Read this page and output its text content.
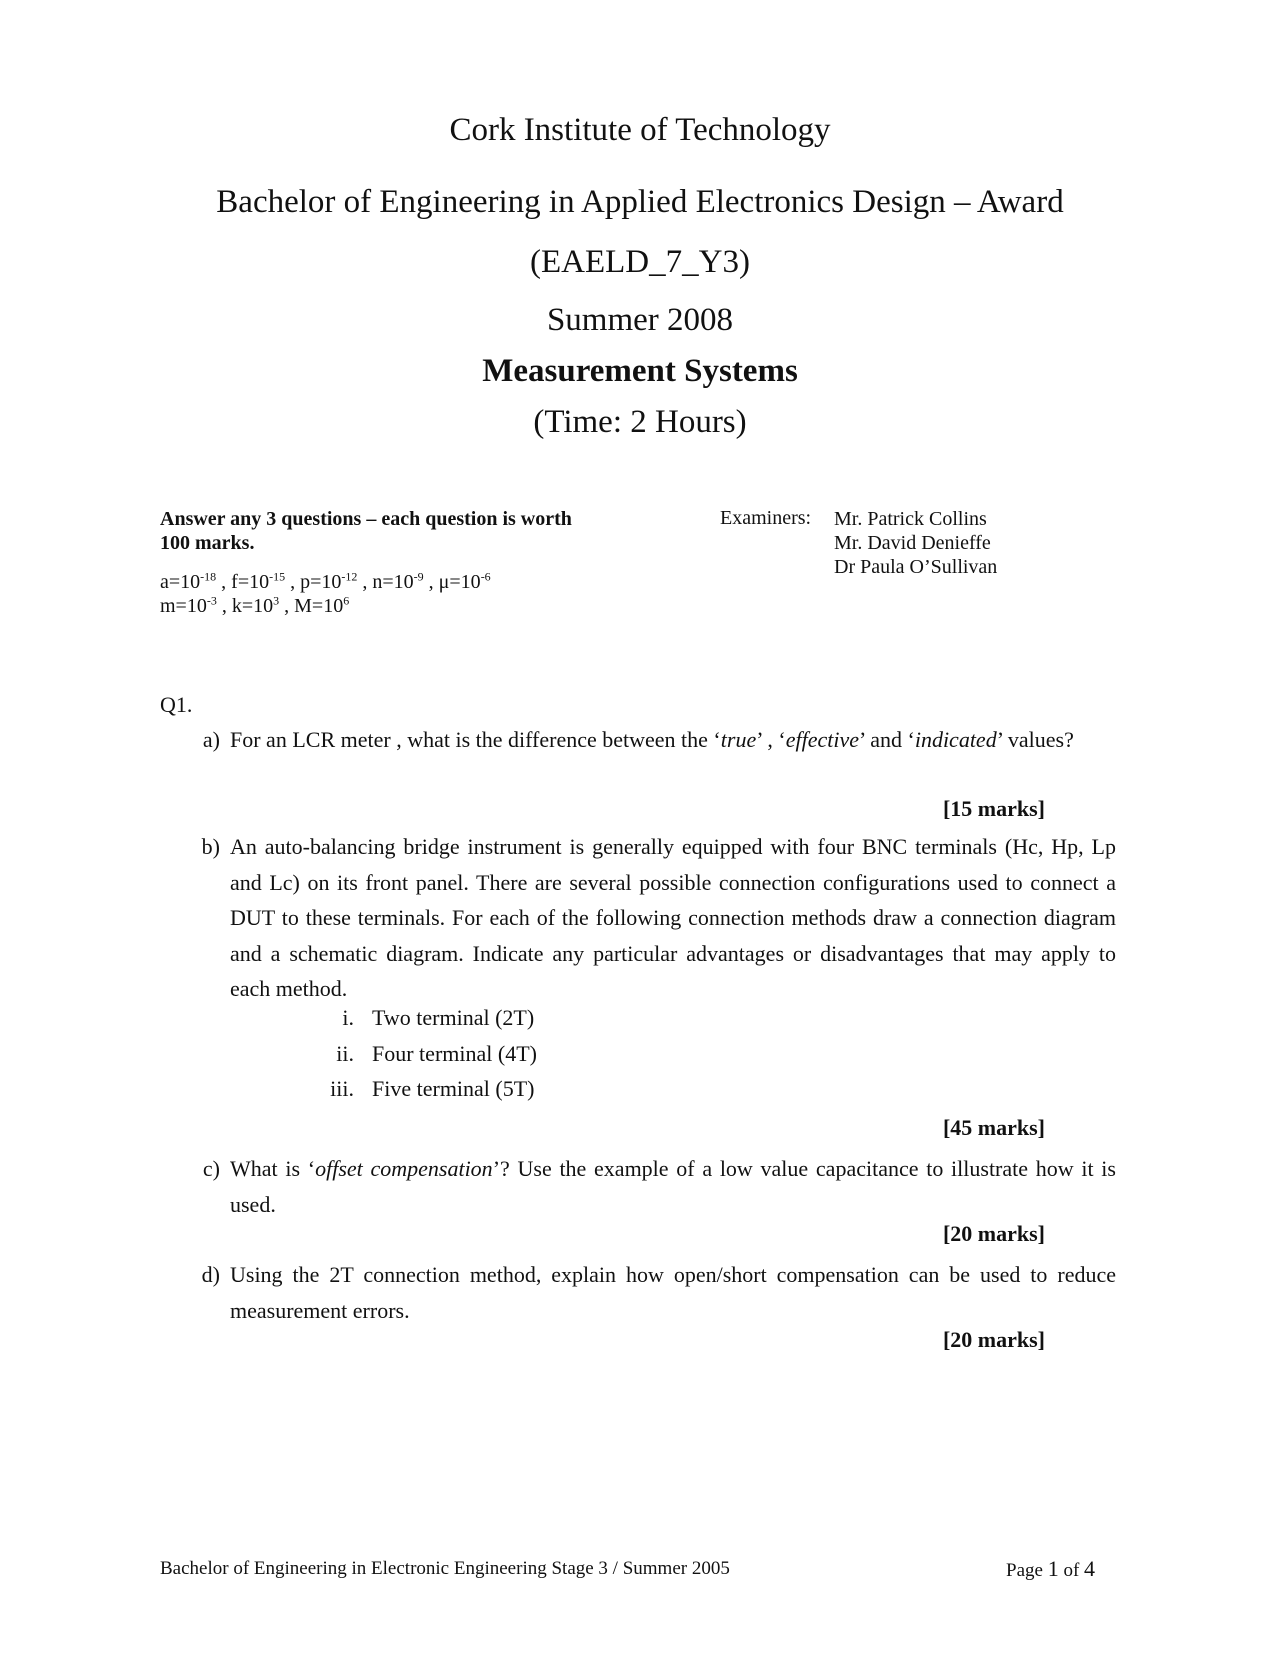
Cork Institute of Technology
Bachelor of Engineering in Applied Electronics Design – Award
(EAELD_7_Y3)
Summer 2008
Measurement Systems
(Time: 2 Hours)
Answer any 3 questions – each question is worth 100 marks.
$a=10^{-18}$ , $f=10^{-15}$ , $p=10^{-12}$ , $n=10^{-9}$ , $\mu=10^{-6}$
$m=10^{-3}$ , $k=10^3$ , $M=10^6$
Examiners: Mr. Patrick Collins
Mr. David Denieffe
Dr Paula O’Sullivan
Q1.
a) For an LCR meter , what is the difference between the ‘true’ , ‘effective’ and ‘indicated’ values?
[15 marks]
b) An auto-balancing bridge instrument is generally equipped with four BNC terminals (Hc, Hp, Lp and Lc) on its front panel. There are several possible connection configurations used to connect a DUT to these terminals. For each of the following connection methods draw a connection diagram and a schematic diagram. Indicate any particular advantages or disadvantages that may apply to each method.
i. Two terminal (2T)
ii. Four terminal (4T)
iii. Five terminal (5T)
[45 marks]
c) What is ‘offset compensation’? Use the example of a low value capacitance to illustrate how it is used.
[20 marks]
d) Using the 2T connection method, explain how open/short compensation can be used to reduce measurement errors.
[20 marks]
Bachelor of Engineering in Electronic Engineering Stage 3 / Summer 2005	Page 1 of 4
